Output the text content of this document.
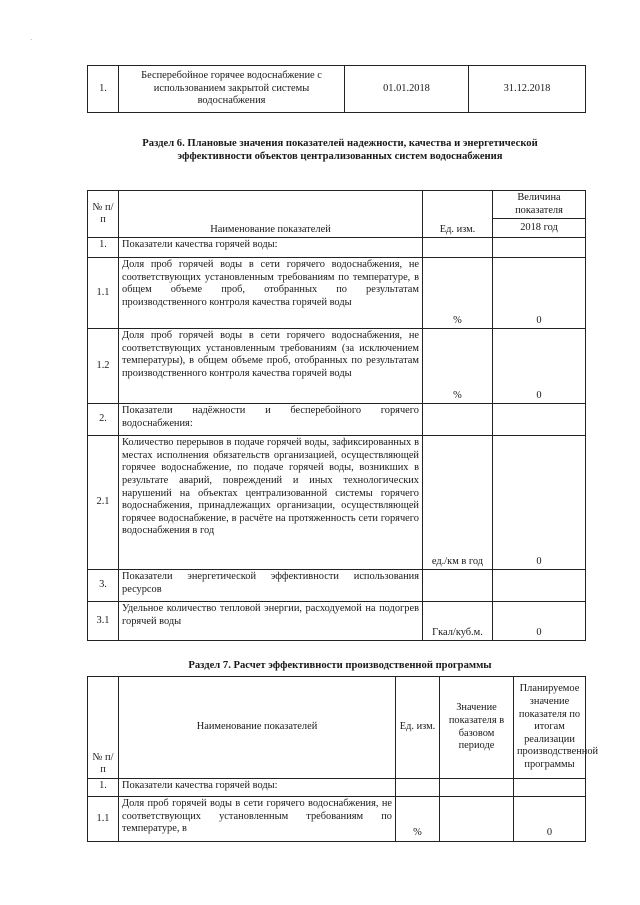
·
1.	Бесперебойное горячее водоснабжение с использованием закрытой системы водоснабжения	01.01.2018	31.12.2018
Раздел 6. Плановые значения показателей надежности, качества и энергетической
эффективности объектов централизованных систем водоснабжения
№ п/п	Наименование показателей	Ед. изм.	Величина показателя
			2018 год
1.	Показатели качества горячей воды:		
1.1	Доля проб горячей воды в сети горячего водоснабжения, не соответствующих установленным требованиям по температуре, в общем объеме проб, отобранных по результатам производственного контроля качества горячей воды	%	0
1.2	Доля проб горячей воды в сети горячего водоснабжения, не соответствующих установленным требованиям (за исключением температуры), в общем объеме проб, отобранных по результатам производственного контроля качества горячей воды	%	0
2.	Показатели надёжности и бесперебойного горячего водоснабжения:		
2.1	Количество перерывов в подаче горячей воды, зафиксированных в местах исполнения обязательств организацией, осуществляющей горячее водоснабжение, по подаче горячей воды, возникших в результате аварий, повреждений и иных технологических нарушений на объектах централизованной системы горячего водоснабжения, принадлежащих организации, осуществляющей горячее водоснабжение, в расчёте на протяженность сети горячего водоснабжения в год	ед./км в год	0
3.	Показатели энергетической эффективности использования ресурсов		
3.1	Удельное количество тепловой энергии, расходуемой на подогрев горячей воды	Гкал/куб.м.	0
Раздел 7. Расчет эффективности производственной программы
№ п/п	Наименование показателей	Ед. изм.	Значение показателя в базовом периоде	Планируемое значение показателя по итогам реализации производственной программы
1.	Показатели качества горячей воды:			
1.1	Доля проб горячей воды в сети горячего водоснабжения, не соответствующих установленным требованиям по температуре, в	%		0
